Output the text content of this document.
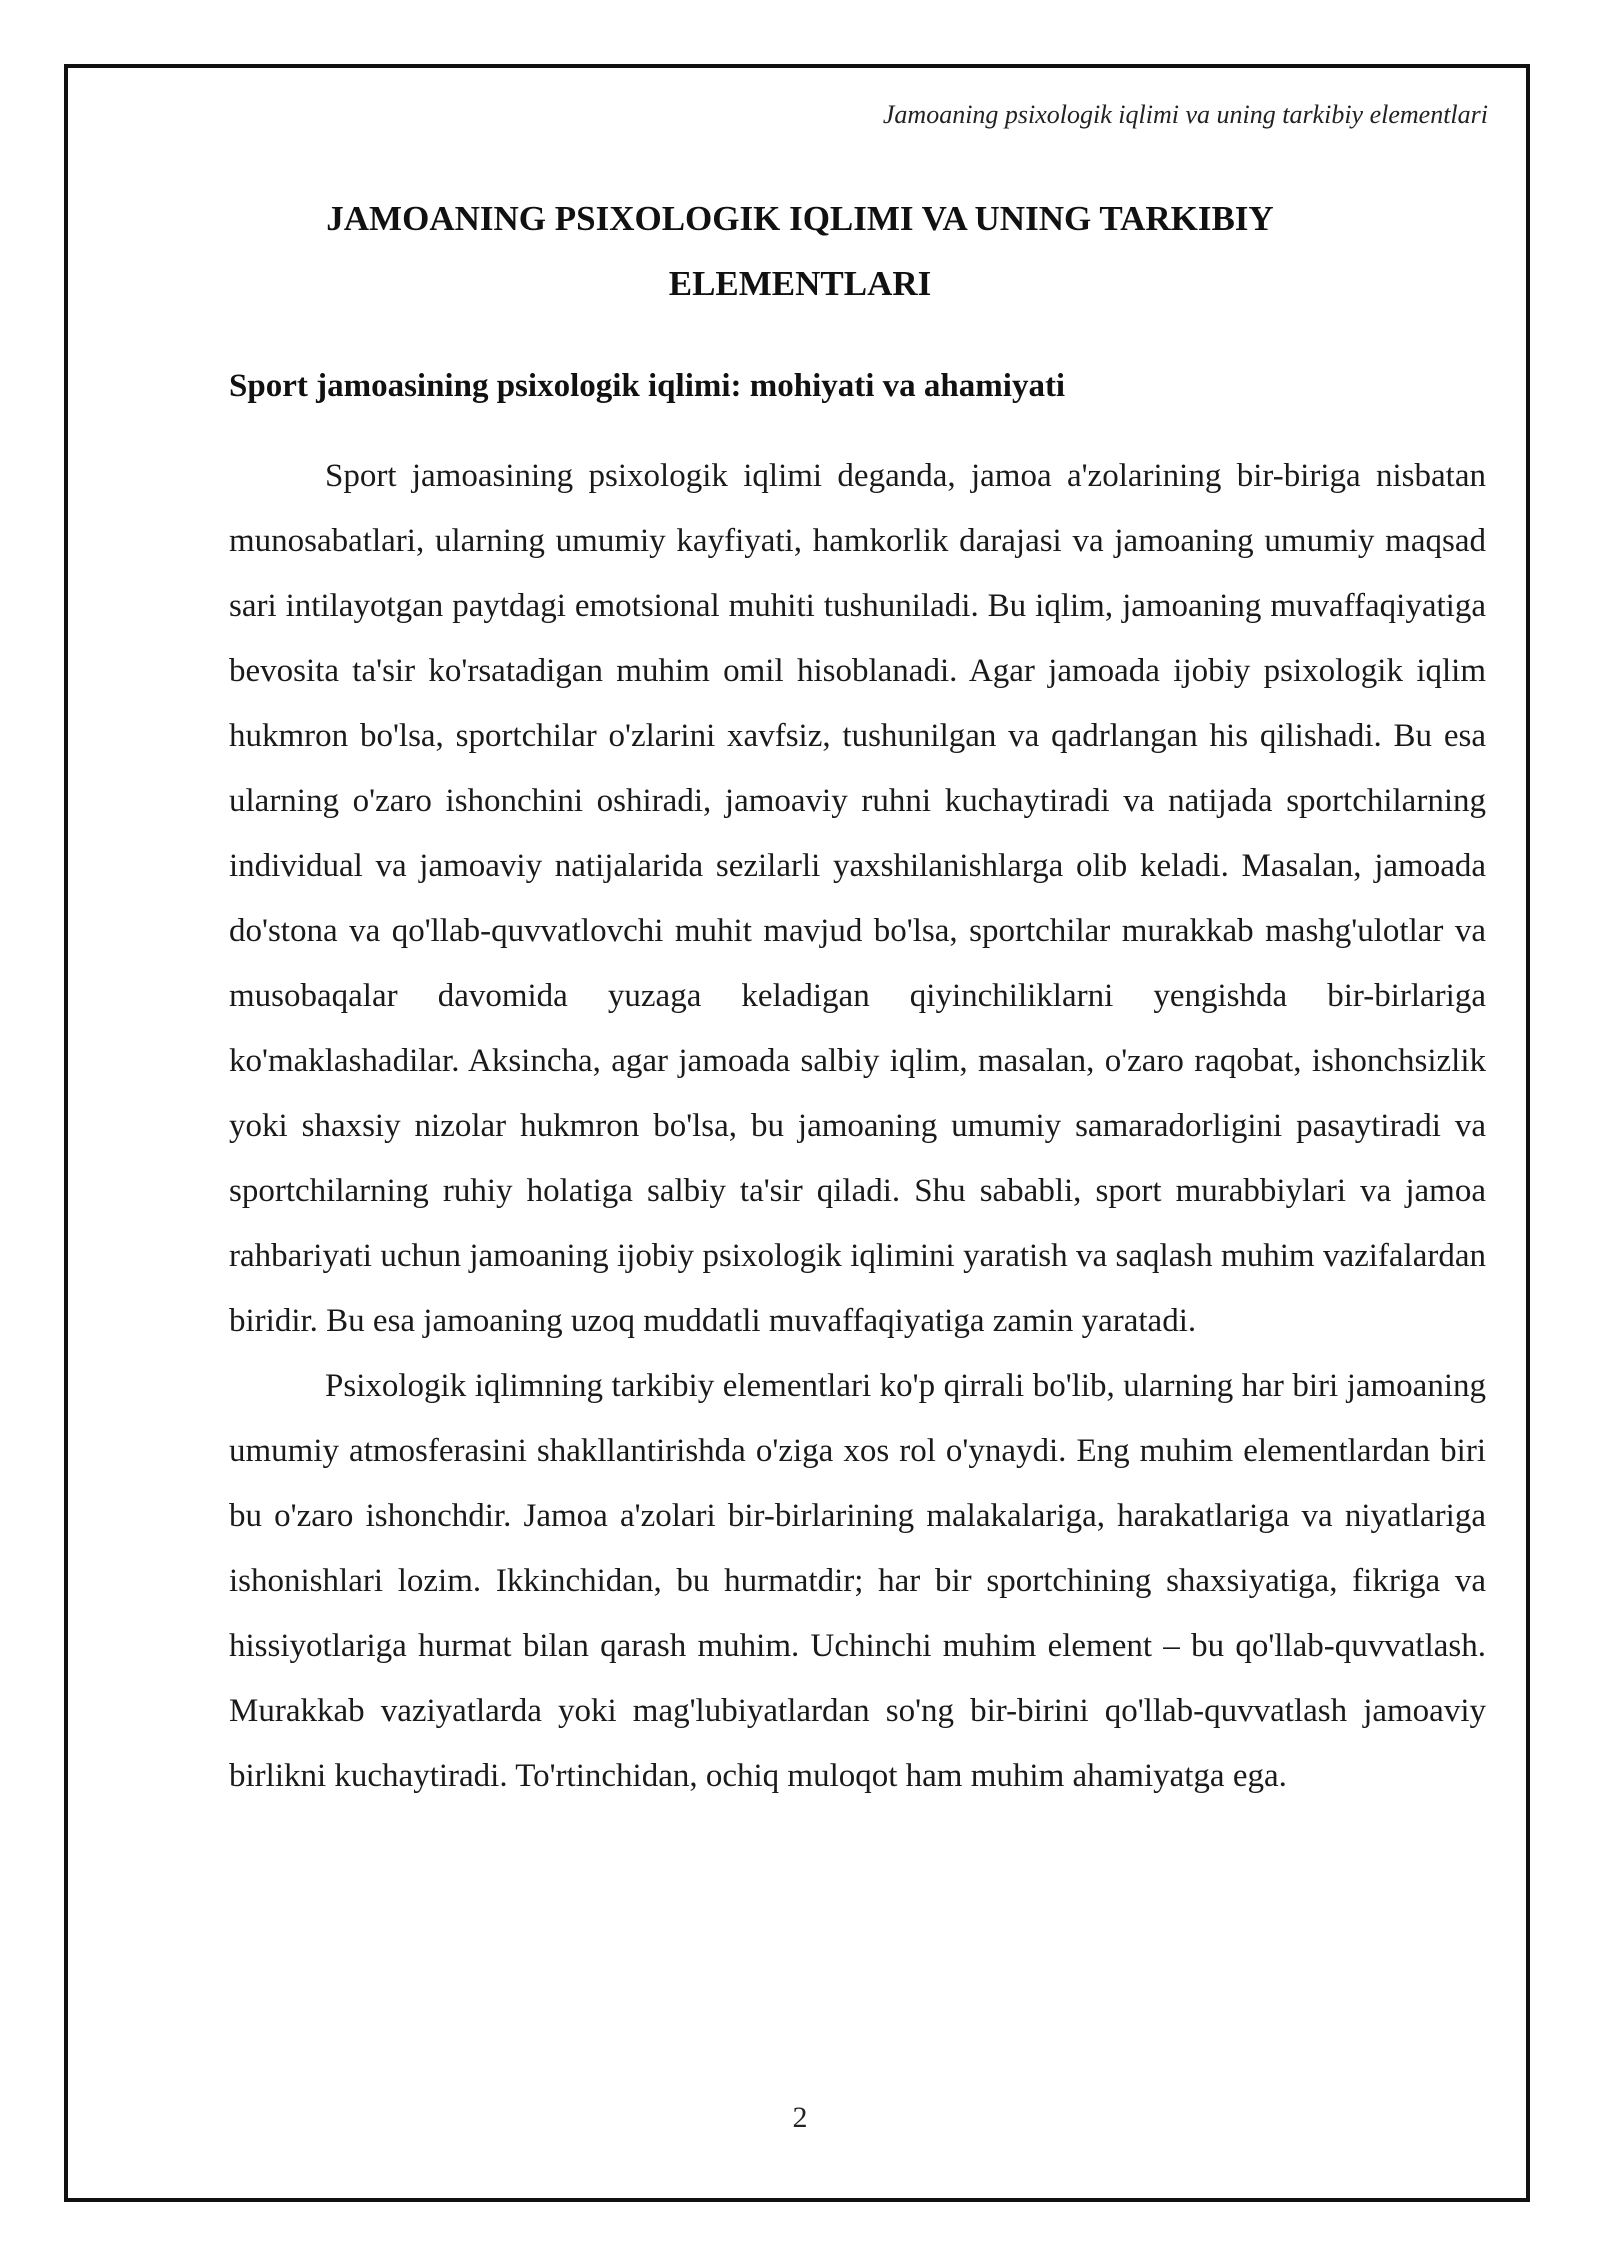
Jamoaning psixologik iqlimi va uning tarkibiy elementlari
JAMOANING PSIXOLOGIK IQLIMI VA UNING TARKIBIY ELEMENTLARI
Sport jamoasining psixologik iqlimi: mohiyati va ahamiyati

Sport jamoasining psixologik iqlimi deganda, jamoa a'zolarining bir-biriga nisbatan munosabatlari, ularning umumiy kayfiyati, hamkorlik darajasi va jamoaning umumiy maqsad sari intilayotgan paytdagi emotsional muhiti tushuniladi. Bu iqlim, jamoaning muvaffaqiyatiga bevosita ta'sir ko'rsatadigan muhim omil hisoblanadi. Agar jamoada ijobiy psixologik iqlim hukmron bo'lsa, sportchilar o'zlarini xavfsiz, tushunilgan va qadrlangan his qilishadi. Bu esa ularning o'zaro ishonchini oshiradi, jamoaviy ruhni kuchaytiradi va natijada sportchilarning individual va jamoaviy natijalarida sezilarli yaxshilanishlarga olib keladi. Masalan, jamoada do'stona va qo'llab-quvvatlovchi muhit mavjud bo'lsa, sportchilar murakkab mashg'ulotlar va musobaqalar davomida yuzaga keladigan qiyinchiliklarni yengishda bir-birlariga ko'maklashadilar. Aksincha, agar jamoada salbiy iqlim, masalan, o'zaro raqobat, ishonchsizlik yoki shaxsiy nizolar hukmron bo'lsa, bu jamoaning umumiy samaradorligini pasaytiradi va sportchilarning ruhiy holatiga salbiy ta'sir qiladi. Shu sababli, sport murabbiylari va jamoa rahbariyati uchun jamoaning ijobiy psixologik iqlimini yaratish va saqlash muhim vazifalardan biridir. Bu esa jamoaning uzoq muddatli muvaffaqiyatiga zamin yaratadi.

Psixologik iqlimning tarkibiy elementlari ko'p qirrali bo'lib, ularning har biri jamoaning umumiy atmosferasini shakllantirishda o'ziga xos rol o'ynaydi. Eng muhim elementlardan biri bu o'zaro ishonchdir. Jamoa a'zolari bir-birlarining malakalariga, harakatlariga va niyatlariga ishonishlari lozim. Ikkinchidan, bu hurmatdir; har bir sportchining shaxsiyatiga, fikriga va hissiyotlariga hurmat bilan qarash muhim. Uchinchi muhim element – bu qo'llab-quvvatlash. Murakkab vaziyatlarda yoki mag'lubiyatlardan so'ng bir-birini qo'llab-quvvatlash jamoaviy birlikni kuchaytiradi. To'rtinchidan, ochiq muloqot ham muhim ahamiyatga ega.

2
